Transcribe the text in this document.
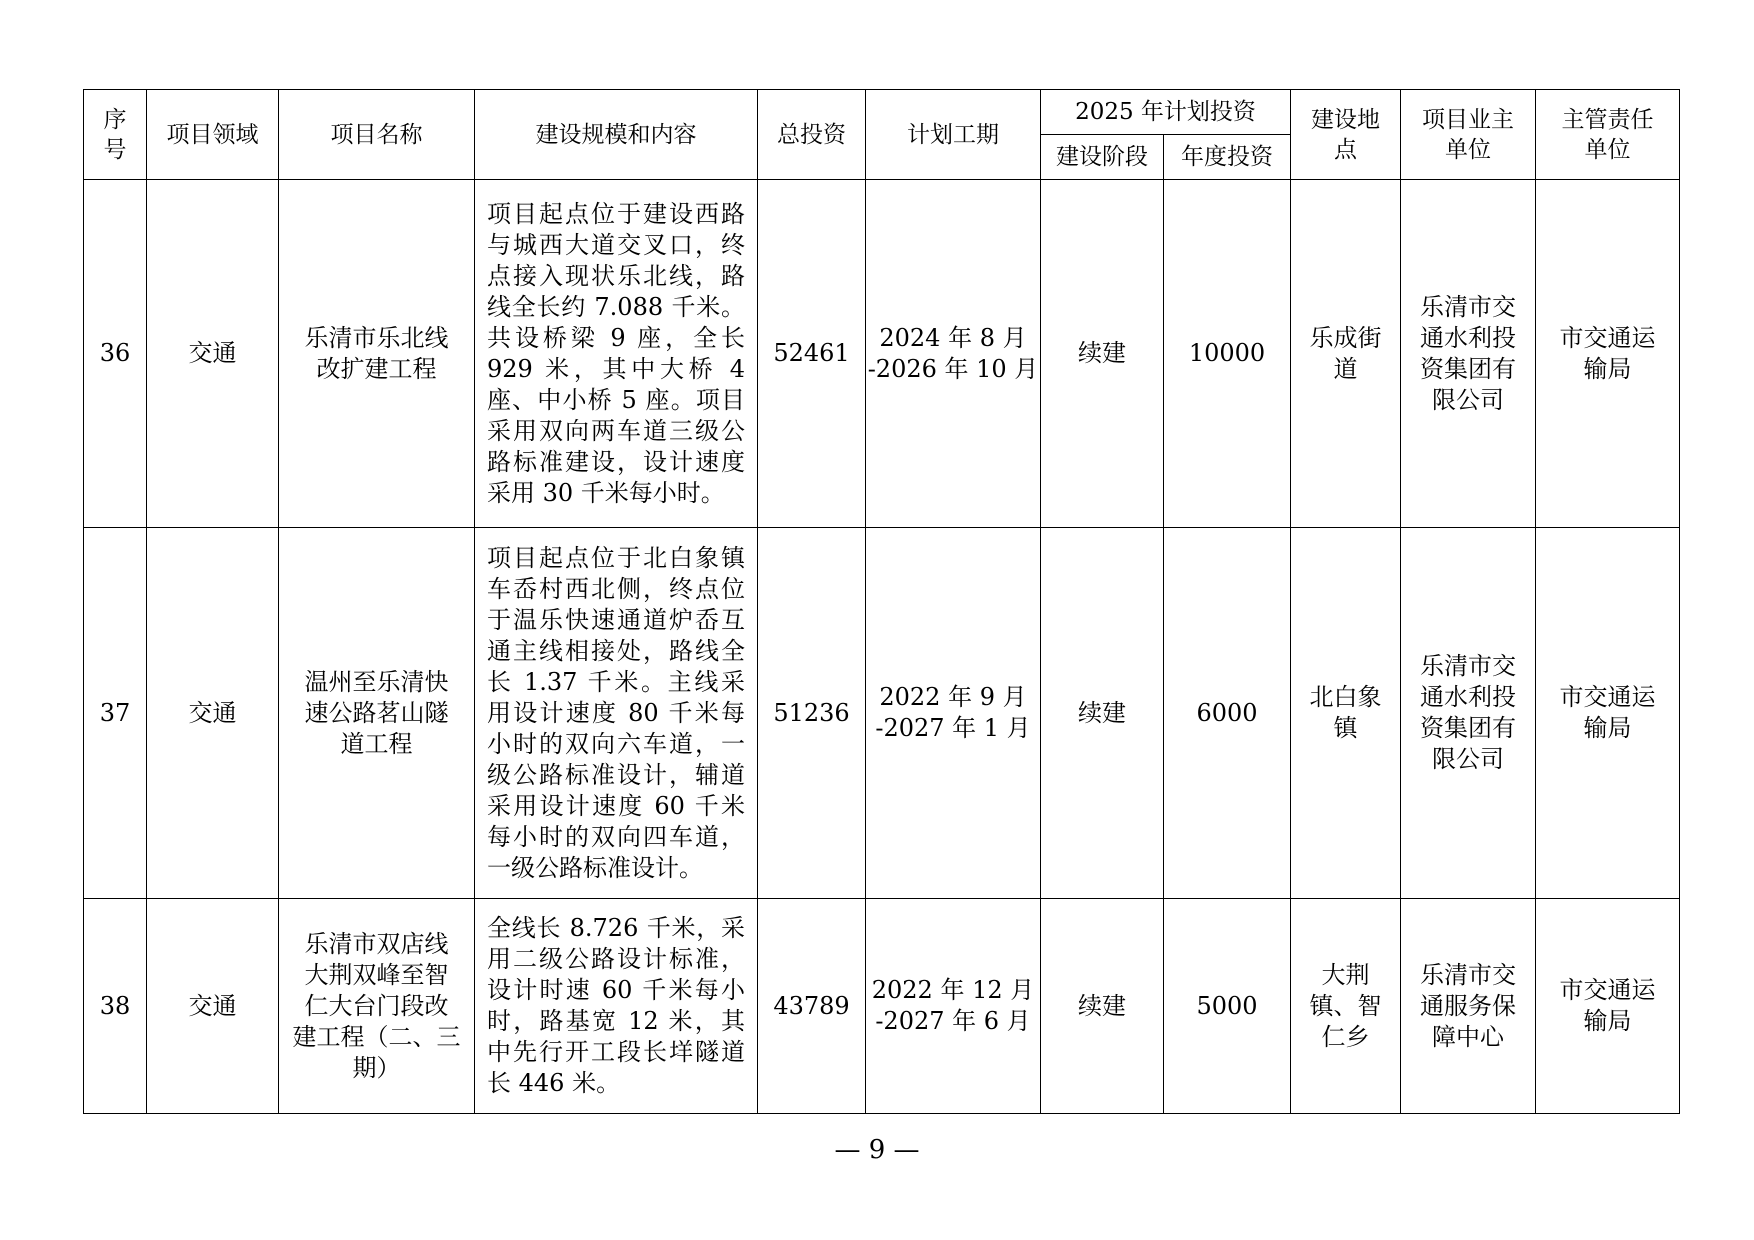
序
号	项目领域	项目名称	建设规模和内容	总投资	计划工期	2025 年计划投资		建设地
点	项目业主
单位	主管责任
单位
						建设阶段	年度投资			
36	交通	乐清市乐北线
改扩建工程	项目起点位于建设西路与城西大道交叉口，终点接入现状乐北线，路线全长约 7.088 千米。共设桥梁 9 座，全长 929 米，其中大桥 4 座、中小桥 5 座。项目采用双向两车道三级公路标准建设，设计速度采用 30 千米每小时。	52461	2024 年 8 月
-2026 年 10 月	续建	10000	乐成街
道	乐清市交
通水利投
资集团有
限公司	市交通运
输局
37	交通	温州至乐清快
速公路茗山隧
道工程	项目起点位于北白象镇车岙村西北侧，终点位于温乐快速通道炉岙互通主线相接处，路线全长 1.37 千米。主线采用设计速度 80 千米每小时的双向六车道，一级公路标准设计，辅道采用设计速度 60 千米每小时的双向四车道，一级公路标准设计。	51236	2022 年 9 月
-2027 年 1 月	续建	6000	北白象
镇	乐清市交
通水利投
资集团有
限公司	市交通运
输局
38	交通	乐清市双店线
大荆双峰至智
仁大台门段改
建工程（二、三
期）	全线长 8.726 千米，采用二级公路设计标准，设计时速 60 千米每小时，路基宽 12 米，其中先行开工段长垟隧道长 446 米。	43789	2022 年 12 月
-2027 年 6 月	续建	5000	大荆
镇、智
仁乡	乐清市交
通服务保
障中心	市交通运
输局
— 9 —
